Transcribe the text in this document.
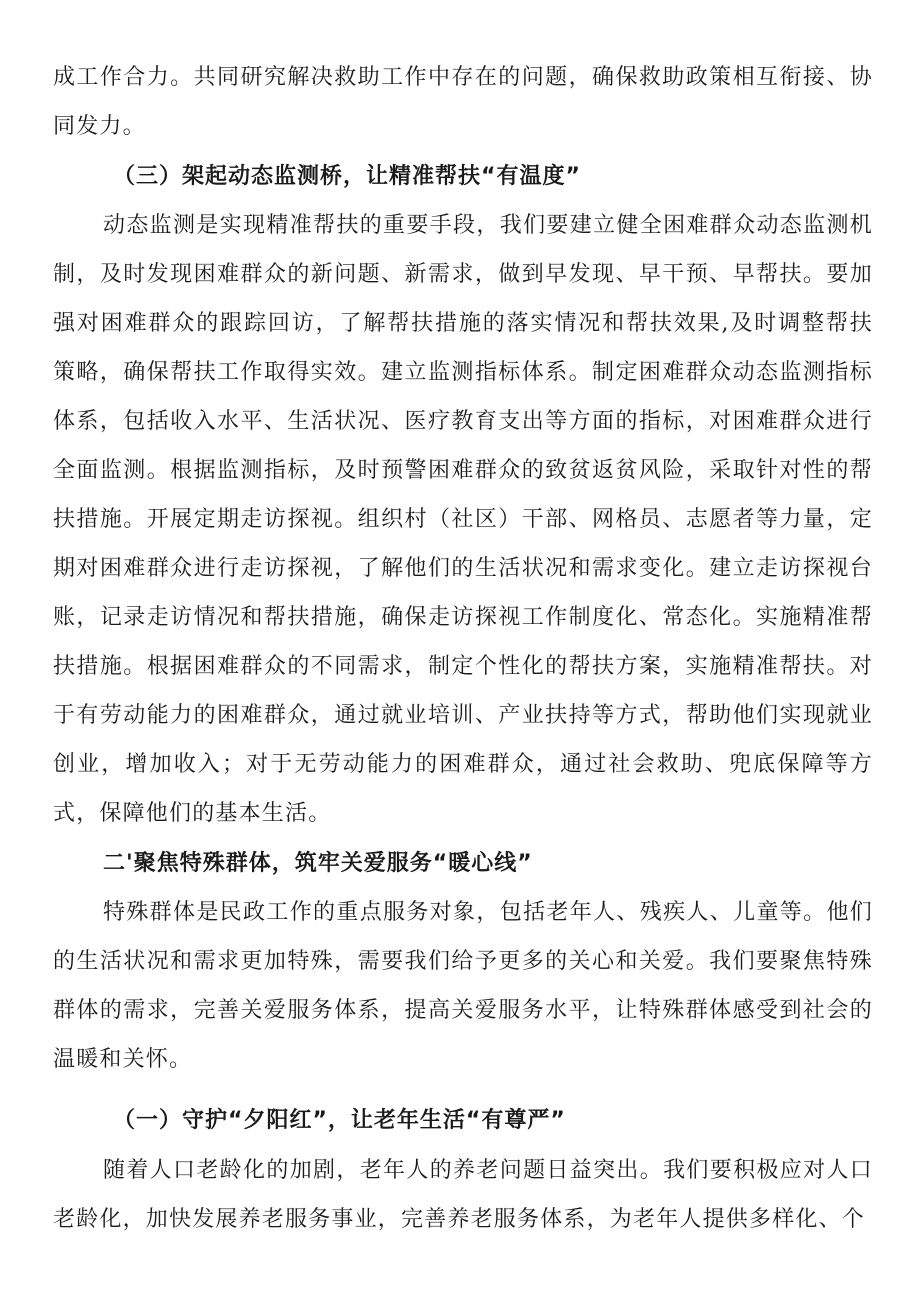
成工作合力。共同研究解决救助工作中存在的问题，确保救助政策相互衔接、协同发力。

（三）架起动态监测桥，让精准帮扶“有温度”

动态监测是实现精准帮扶的重要手段，我们要建立健全困难群众动态监测机制，及时发现困难群众的新问题、新需求，做到早发现、早干预、早帮扶。要加强对困难群众的跟踪回访，了解帮扶措施的落实情况和帮扶效果,及时调整帮扶策略，确保帮扶工作取得实效。建立监测指标体系。制定困难群众动态监测指标体系，包括收入水平、生活状况、医疗教育支出等方面的指标，对困难群众进行全面监测。根据监测指标，及时预警困难群众的致贫返贫风险，采取针对性的帮扶措施。开展定期走访探视。组织村（社区）干部、网格员、志愿者等力量，定期对困难群众进行走访探视，了解他们的生活状况和需求变化。建立走访探视台账，记录走访情况和帮扶措施，确保走访探视工作制度化、常态化。实施精准帮扶措施。根据困难群众的不同需求，制定个性化的帮扶方案，实施精准帮扶。对于有劳动能力的困难群众，通过就业培训、产业扶持等方式，帮助他们实现就业创业，增加收入；对于无劳动能力的困难群众，通过社会救助、兜底保障等方式，保障他们的基本生活。

二'聚焦特殊群体，筑牢关爱服务“暖心线”

特殊群体是民政工作的重点服务对象，包括老年人、残疾人、儿童等。他们的生活状况和需求更加特殊，需要我们给予更多的关心和关爱。我们要聚焦特殊群体的需求，完善关爱服务体系，提高关爱服务水平，让特殊群体感受到社会的温暖和关怀。

（一）守护“夕阳红”，让老年生活“有尊严”

随着人口老龄化的加剧，老年人的养老问题日益突出。我们要积极应对人口老龄化，加快发展养老服务事业，完善养老服务体系，为老年人提供多样化、个
